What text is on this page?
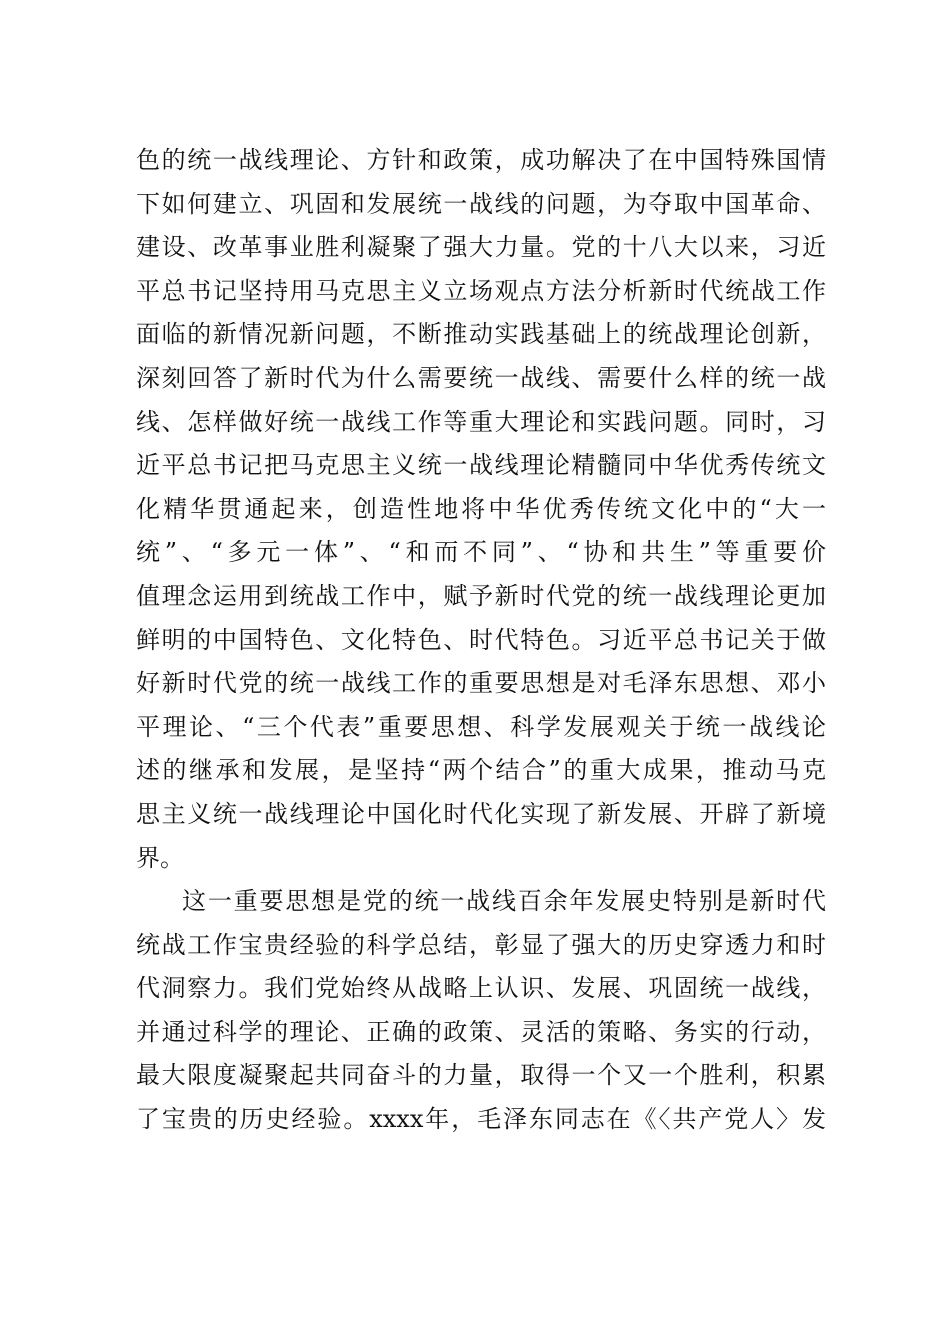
色的统一战线理论、方针和政策，成功解决了在中国特殊国情
下如何建立、巩固和发展统一战线的问题，为夺取中国革命、
建设、改革事业胜利凝聚了强大力量。党的十八大以来，习近
平总书记坚持用马克思主义立场观点方法分析新时代统战工作
面临的新情况新问题，不断推动实践基础上的统战理论创新，
深刻回答了新时代为什么需要统一战线、需要什么样的统一战
线、怎样做好统一战线工作等重大理论和实践问题。同时，习
近平总书记把马克思主义统一战线理论精髓同中华优秀传统文
化精华贯通起来，创造性地将中华优秀传统文化中的“大一
统”、“多元一体”、“和而不同”、“协和共生”等重要价
值理念运用到统战工作中，赋予新时代党的统一战线理论更加
鲜明的中国特色、文化特色、时代特色。习近平总书记关于做
好新时代党的统一战线工作的重要思想是对毛泽东思想、邓小
平理论、“三个代表”重要思想、科学发展观关于统一战线论
述的继承和发展，是坚持“两个结合”的重大成果，推动马克
思主义统一战线理论中国化时代化实现了新发展、开辟了新境
界。
这一重要思想是党的统一战线百余年发展史特别是新时代
统战工作宝贵经验的科学总结，彰显了强大的历史穿透力和时
代洞察力。我们党始终从战略上认识、发展、巩固统一战线，
并通过科学的理论、正确的政策、灵活的策略、务实的行动，
最大限度凝聚起共同奋斗的力量，取得一个又一个胜利，积累
了宝贵的历史经验。xxxx年，毛泽东同志在《〈共产党人〉发
